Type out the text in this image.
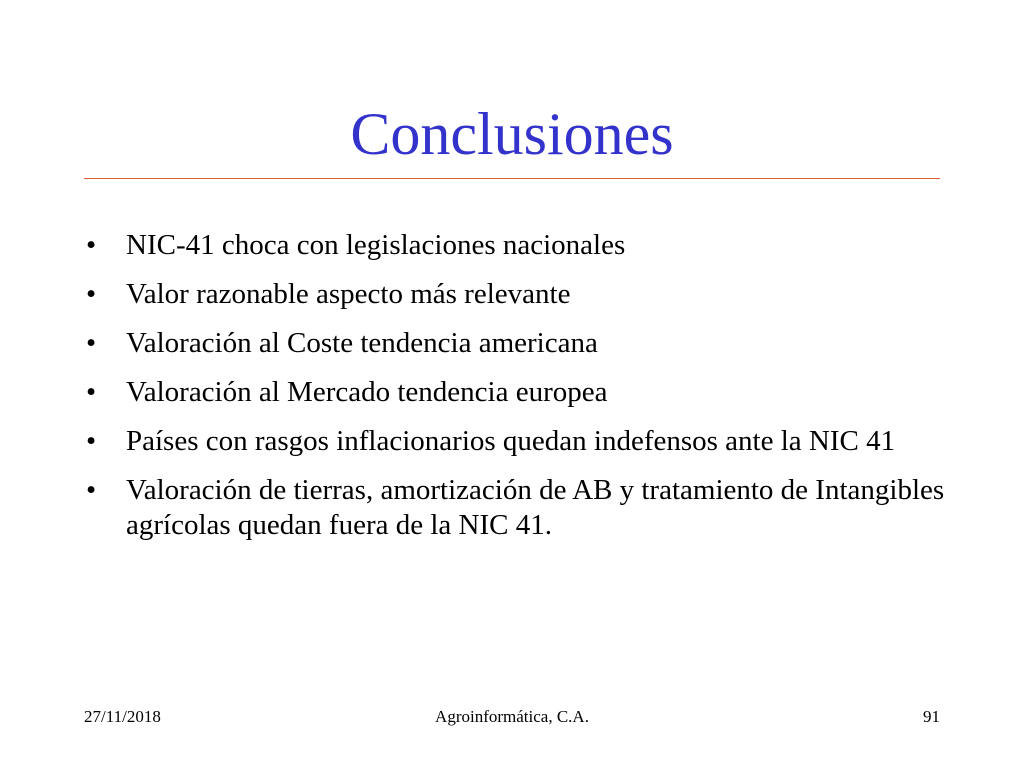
Conclusiones
• NIC-41 choca con legislaciones nacionales
• Valor razonable aspecto más relevante
• Valoración al Coste tendencia americana
• Valoración al Mercado tendencia europea
• Países con rasgos inflacionarios quedan indefensos ante la NIC 41
• Valoración de tierras, amortización de AB y tratamiento de Intangibles agrícolas quedan fuera de la NIC 41.
27/11/2018	Agroinformática, C.A.	91
